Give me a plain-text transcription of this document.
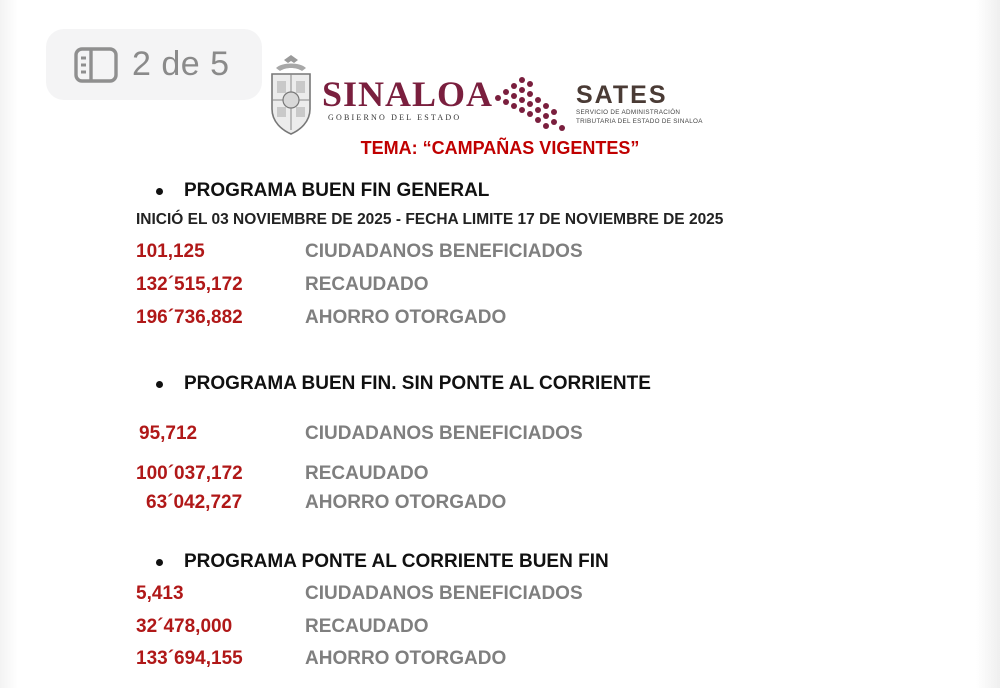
2 de 5
SINALOA
GOBIERNO DEL ESTADO
SATES
SERVICIO DE ADMINISTRACIÓN
TRIBUTARIA DEL ESTADO DE SINALOA
TEMA: “CAMPAÑAS VIGENTES”
PROGRAMA BUEN FIN GENERAL
INICIÓ EL 03 NOVIEMBRE DE 2025 - FECHA LIMITE 17 DE NOVIEMBRE DE 2025
101,125	CIUDADANOS BENEFICIADOS
132´515,172	RECAUDADO
196´736,882	AHORRO OTORGADO
PROGRAMA BUEN FIN. SIN PONTE AL CORRIENTE
95,712	CIUDADANOS BENEFICIADOS
100´037,172	RECAUDADO
63´042,727	AHORRO OTORGADO
PROGRAMA PONTE AL CORRIENTE BUEN FIN
5,413	CIUDADANOS BENEFICIADOS
32´478,000	RECAUDADO
133´694,155	AHORRO OTORGADO
